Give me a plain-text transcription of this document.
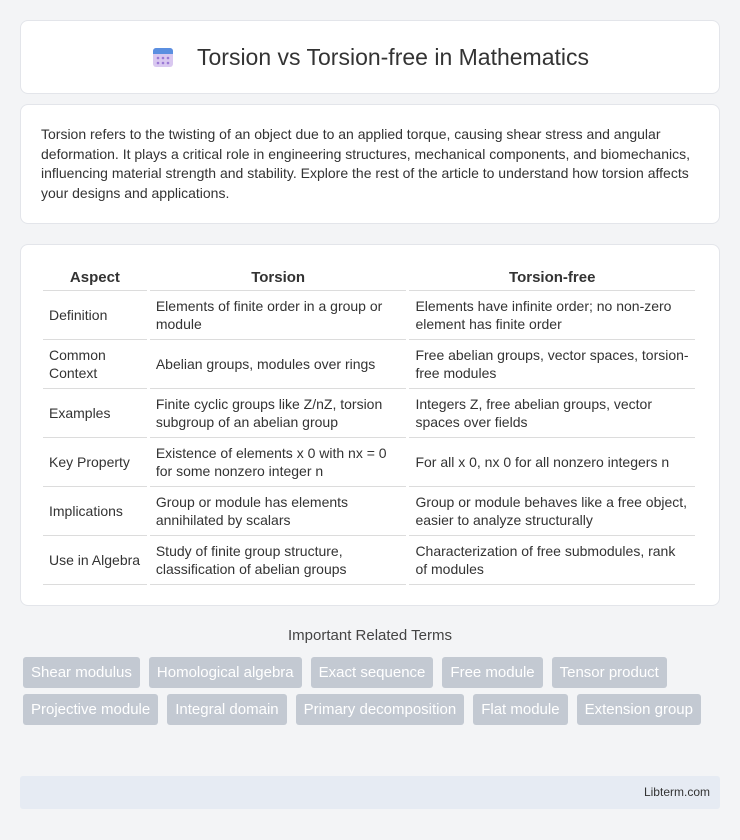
Torsion vs Torsion-free in Mathematics

Torsion refers to the twisting of an object due to an applied torque, causing shear stress and angular deformation. It plays a critical role in engineering structures, mechanical components, and biomechanics, influencing material strength and stability. Explore the rest of the article to understand how torsion affects your designs and applications.

Aspect	Torsion	Torsion-free
Definition	Elements of finite order in a group or module	Elements have infinite order; no non-zero element has finite order
Common Context	Abelian groups, modules over rings	Free abelian groups, vector spaces, torsion-free modules
Examples	Finite cyclic groups like Z/nZ, torsion subgroup of an abelian group	Integers Z, free abelian groups, vector spaces over fields
Key Property	Existence of elements x 0 with nx = 0 for some nonzero integer n	For all x 0, nx 0 for all nonzero integers n
Implications	Group or module has elements annihilated by scalars	Group or module behaves like a free object, easier to analyze structurally
Use in Algebra	Study of finite group structure, classification of abelian groups	Characterization of free submodules, rank of modules
Important Related Terms
Shear modulus	Homological algebra	Exact sequence	Free module	Tensor product
Projective module	Integral domain	Primary decomposition	Flat module	Extension group
Libterm.com
